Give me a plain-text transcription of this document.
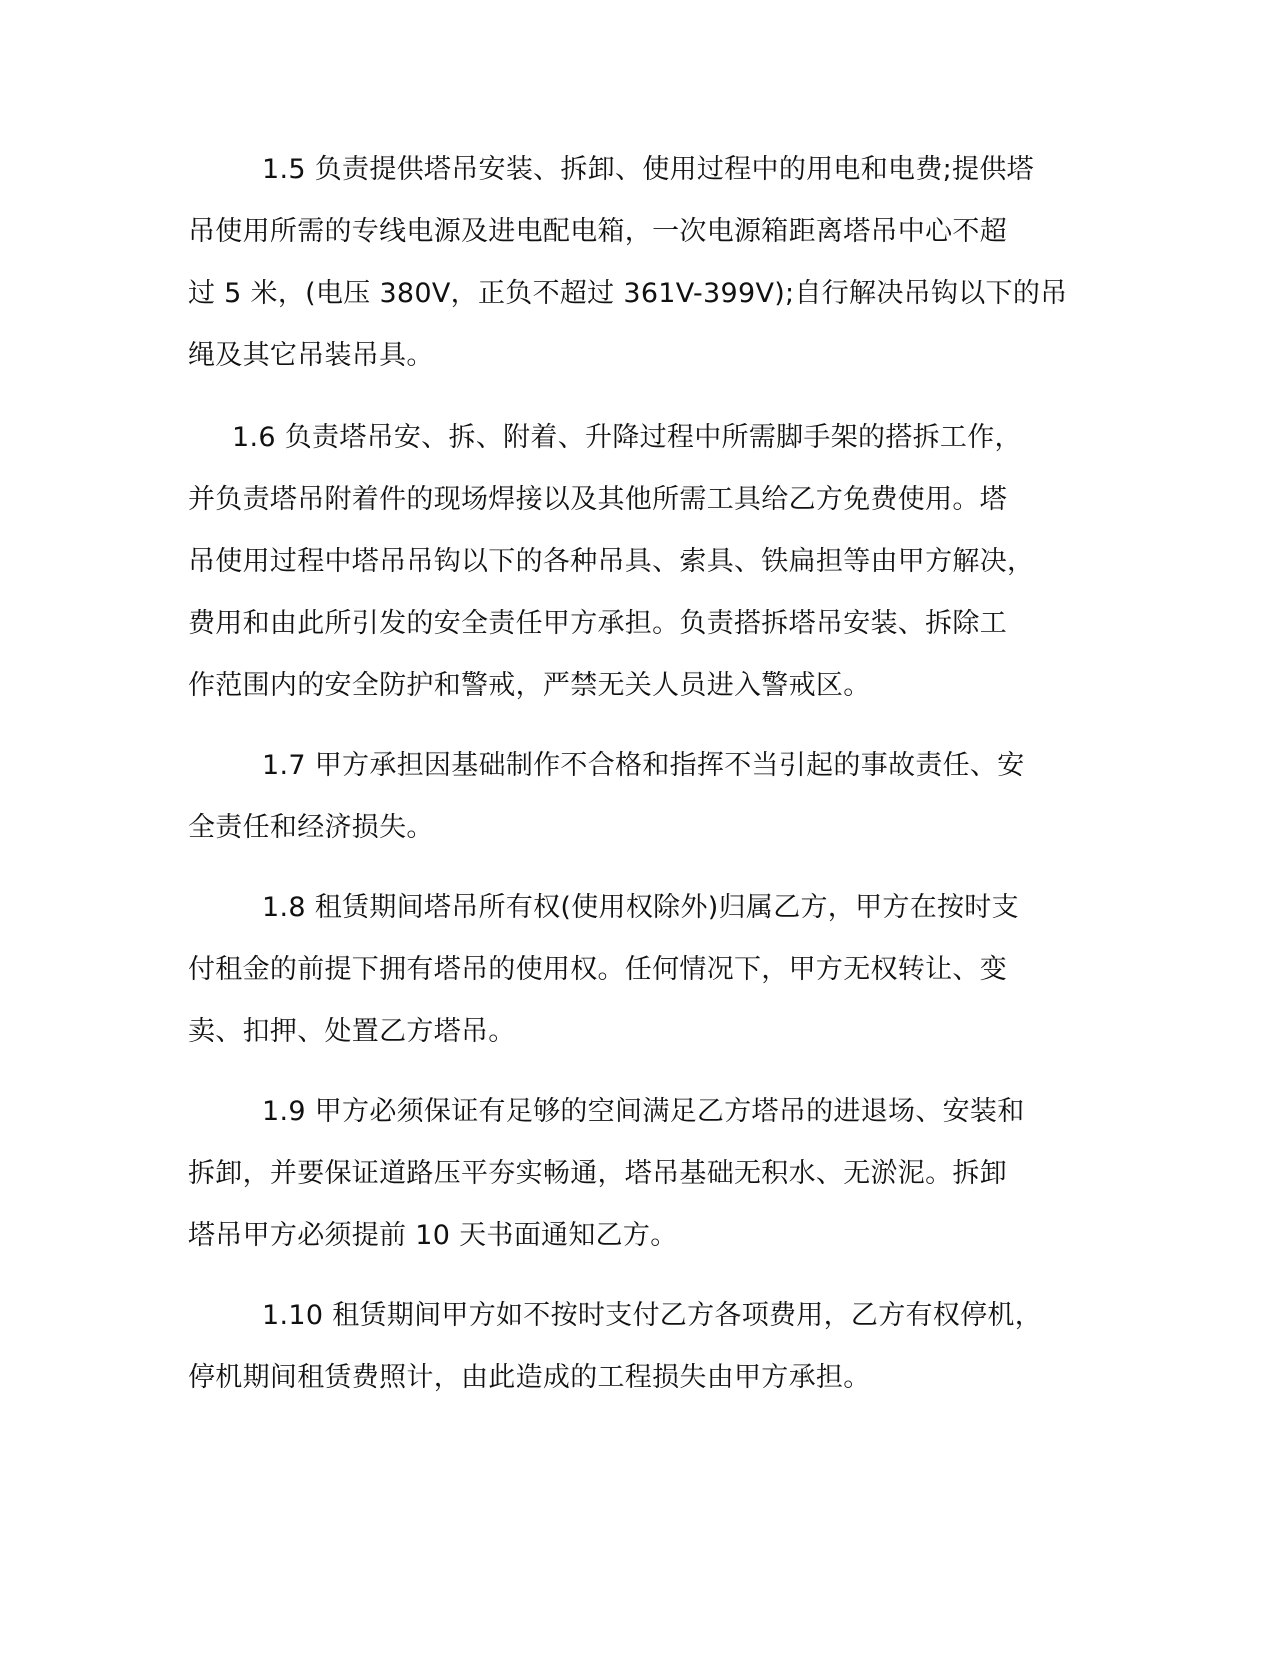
1.5 负责提供塔吊安装、拆卸、使用过程中的用电和电费;提供塔
吊使用所需的专线电源及进电配电箱，一次电源箱距离塔吊中心不超
过 5 米，(电压 380V，正负不超过 361V-399V);自行解决吊钩以下的吊
绳及其它吊装吊具。
1.6 负责塔吊安、拆、附着、升降过程中所需脚手架的搭拆工作，
并负责塔吊附着件的现场焊接以及其他所需工具给乙方免费使用。塔
吊使用过程中塔吊吊钩以下的各种吊具、索具、铁扁担等由甲方解决，
费用和由此所引发的安全责任甲方承担。负责搭拆塔吊安装、拆除工
作范围内的安全防护和警戒，严禁无关人员进入警戒区。
1.7 甲方承担因基础制作不合格和指挥不当引起的事故责任、安
全责任和经济损失。
1.8 租赁期间塔吊所有权(使用权除外)归属乙方，甲方在按时支
付租金的前提下拥有塔吊的使用权。任何情况下，甲方无权转让、变
卖、扣押、处置乙方塔吊。
1.9 甲方必须保证有足够的空间满足乙方塔吊的进退场、安装和
拆卸，并要保证道路压平夯实畅通，塔吊基础无积水、无淤泥。拆卸
塔吊甲方必须提前 10 天书面通知乙方。
1.10 租赁期间甲方如不按时支付乙方各项费用，乙方有权停机，
停机期间租赁费照计，由此造成的工程损失由甲方承担。
